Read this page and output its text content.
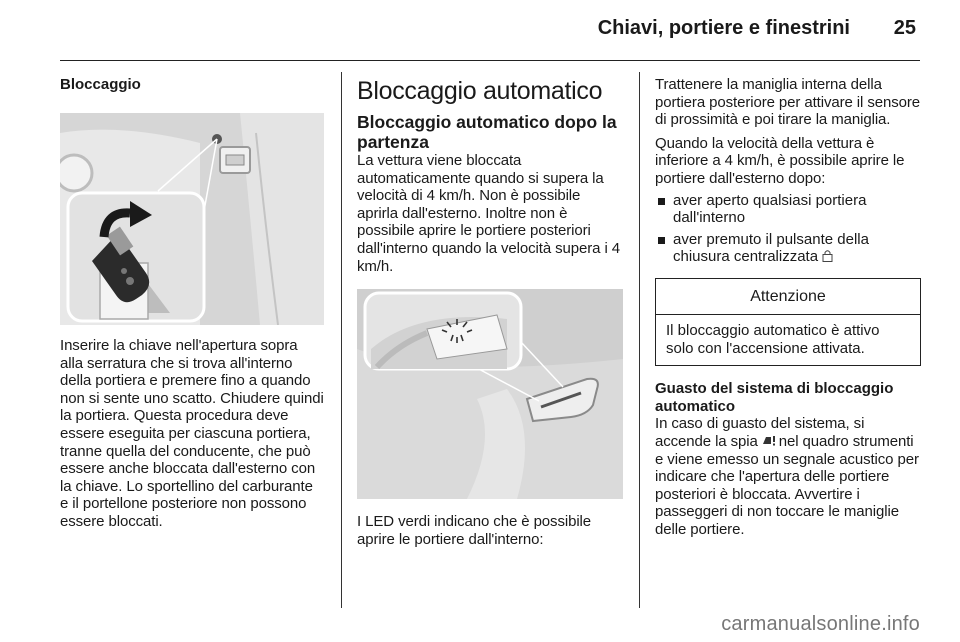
Chiavi, portiere e finestrini 25

Bloccaggio

Inserire la chiave nell'apertura sopra alla serratura che si trova all'interno della portiera e premere fino a quando non si sente uno scatto. Chiudere quindi la portiera. Questa procedura deve essere eseguita per ciascuna portiera, tranne quella del conducente, che può essere anche bloccata dall'esterno con la chiave. Lo sportellino del carburante e il portellone posteriore non possono essere bloccati.

Bloccaggio automatico
Bloccaggio automatico dopo la partenza

La vettura viene bloccata automaticamente quando si supera la velocità di 4 km/h. Non è possibile aprirla dall'esterno. Inoltre non è possibile aprire le portiere posteriori dall'interno quando la velocità supera i 4 km/h.

I LED verdi indicano che è possibile aprire le portiere dall'interno:

Trattenere la maniglia interna della portiera posteriore per attivare il sensore di prossimità e poi tirare la maniglia.

Quando la velocità della vettura è inferiore a 4 km/h, è possibile aprire le portiere dall'esterno dopo:

aver aperto qualsiasi portiera dall'interno
aver premuto il pulsante della chiusura centralizzata
Attenzione
Il bloccaggio automatico è attivo solo con l'accensione attivata.

Guasto del sistema di bloccaggio automatico

In caso di guasto del sistema, si accende la spia nel quadro strumenti e viene emesso un segnale acustico per indicare che l'apertura delle portiere posteriori è bloccata. Avvertire i passeggeri di non toccare le maniglie delle portiere.

carmanualsonline.info
